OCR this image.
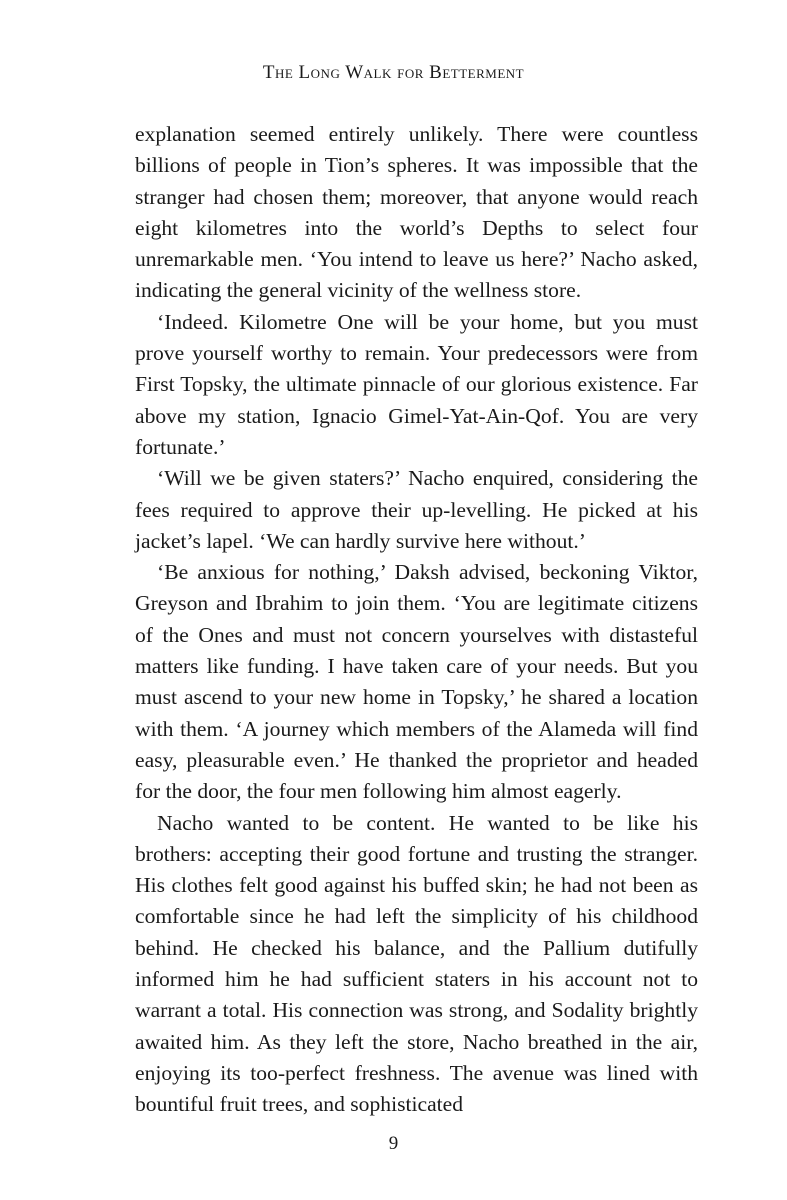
The Long Walk for Betterment

explanation seemed entirely unlikely. There were countless billions of people in Tion’s spheres. It was impossible that the stranger had chosen them; moreover, that anyone would reach eight kilometres into the world’s Depths to select four unremarkable men. ‘You intend to leave us here?’ Nacho asked, indicating the general vicinity of the wellness store.

‘Indeed. Kilometre One will be your home, but you must prove yourself worthy to remain. Your predecessors were from First Topsky, the ultimate pinnacle of our glorious existence. Far above my station, Ignacio Gimel-Yat-Ain-Qof. You are very fortunate.’

‘Will we be given staters?’ Nacho enquired, considering the fees required to approve their up-levelling. He picked at his jacket’s lapel. ‘We can hardly survive here without.’

‘Be anxious for nothing,’ Daksh advised, beckoning Viktor, Greyson and Ibrahim to join them. ‘You are legitimate citizens of the Ones and must not concern yourselves with distasteful matters like funding. I have taken care of your needs. But you must ascend to your new home in Topsky,’ he shared a location with them. ‘A journey which members of the Alameda will find easy, pleasurable even.’ He thanked the proprietor and headed for the door, the four men following him almost eagerly.

Nacho wanted to be content. He wanted to be like his brothers: accepting their good fortune and trusting the stranger. His clothes felt good against his buffed skin; he had not been as comfortable since he had left the simplicity of his childhood behind. He checked his balance, and the Pallium dutifully informed him he had sufficient staters in his account not to warrant a total. His connection was strong, and Sodality brightly awaited him. As they left the store, Nacho breathed in the air, enjoying its too-perfect freshness. The avenue was lined with bountiful fruit trees, and sophisticated

9
